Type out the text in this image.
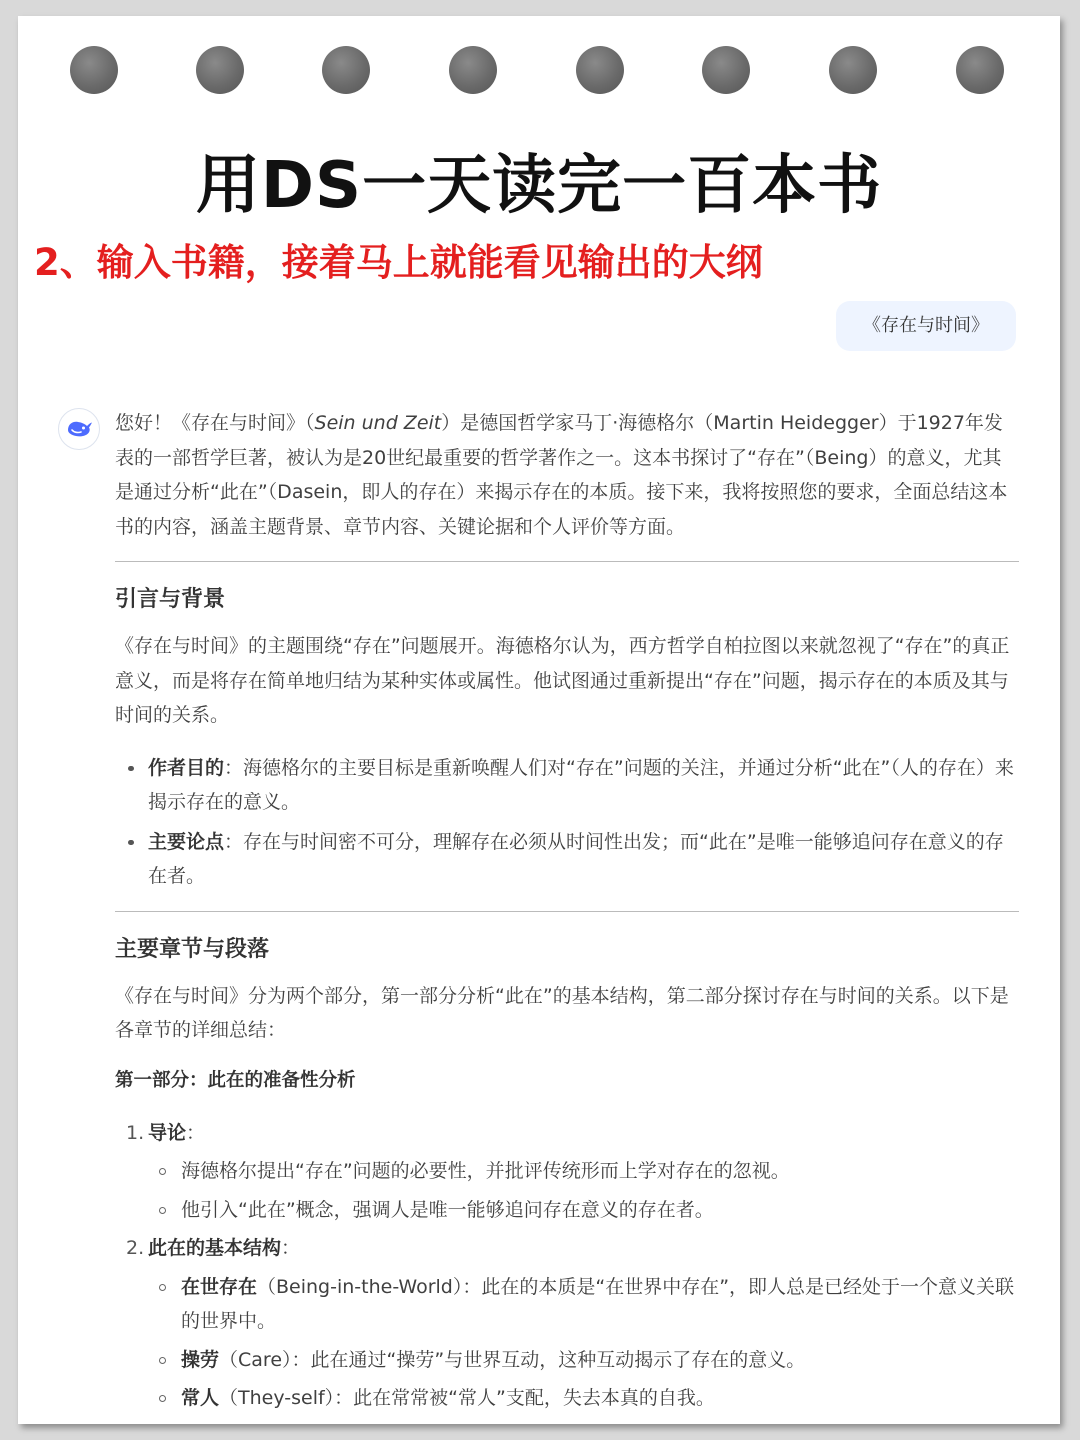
用DS一天读完一百本书
2、输入书籍，接着马上就能看见输出的大纲
《存在与时间》

您好！《存在与时间》（Sein und Zeit）是德国哲学家马丁·海德格尔（Martin Heidegger）于1927年发表的一部哲学巨著，被认为是20世纪最重要的哲学著作之一。这本书探讨了“存在”（Being）的意义，尤其是通过分析“此在”（Dasein，即人的存在）来揭示存在的本质。接下来，我将按照您的要求，全面总结这本书的内容，涵盖主题背景、章节内容、关键论据和个人评价等方面。

引言与背景

《存在与时间》的主题围绕“存在”问题展开。海德格尔认为，西方哲学自柏拉图以来就忽视了“存在”的真正意义，而是将存在简单地归结为某种实体或属性。他试图通过重新提出“存在”问题，揭示存在的本质及其与时间的关系。

作者目的：海德格尔的主要目标是重新唤醒人们对“存在”问题的关注，并通过分析“此在”（人的存在）来揭示存在的意义。
主要论点：存在与时间密不可分，理解存在必须从时间性出发；而“此在”是唯一能够追问存在意义的存在者。
主要章节与段落

《存在与时间》分为两个部分，第一部分分析“此在”的基本结构，第二部分探讨存在与时间的关系。以下是各章节的详细总结：

第一部分：此在的准备性分析
1. 导论：
海德格尔提出“存在”问题的必要性，并批评传统形而上学对存在的忽视。
他引入“此在”概念，强调人是唯一能够追问存在意义的存在者。
2. 此在的基本结构：
在世存在（Being-in-the-World）：此在的本质是“在世界中存在”，即人总是已经处于一个意义关联的世界中。
操劳（Care）：此在通过“操劳”与世界互动，这种互动揭示了存在的意义。
常人（They-self）：此在常常被“常人”支配，失去本真的自我。
